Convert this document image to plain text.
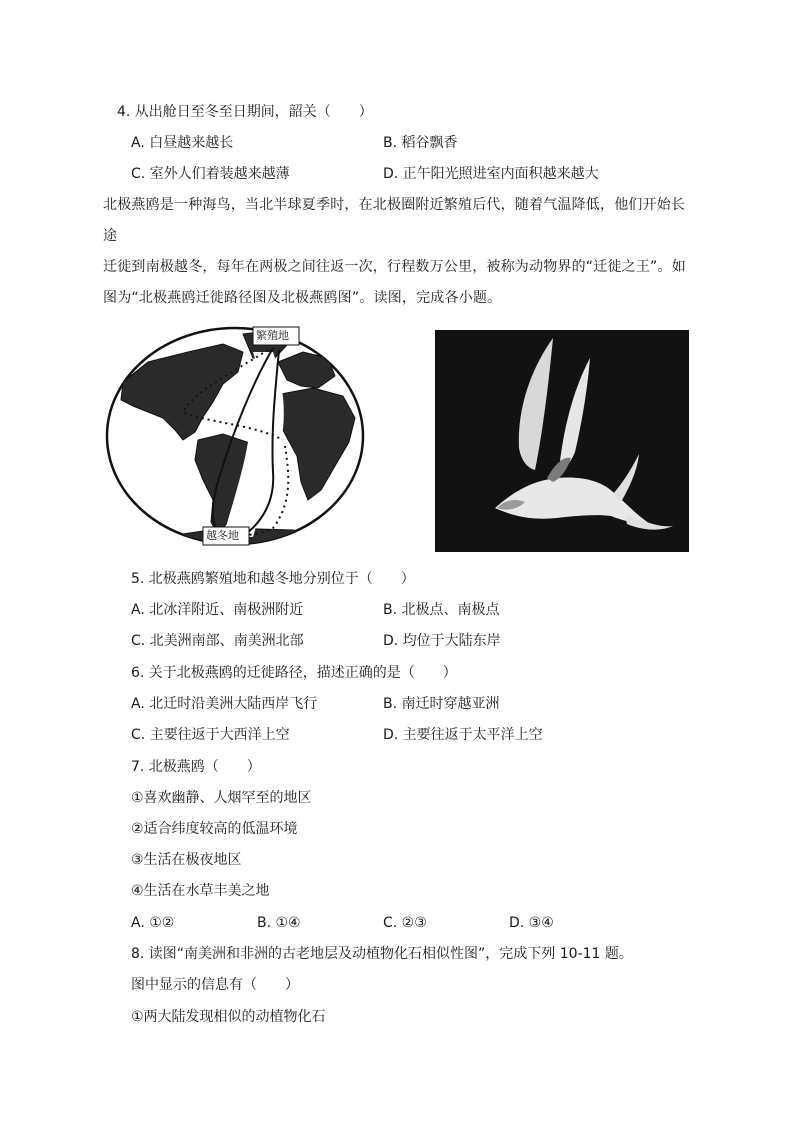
4. 从出舱日至冬至日期间，韶关（　　）
A. 白昼越来越长	B. 稻谷飘香
C. 室外人们着装越来越薄	D. 正午阳光照进室内面积越来越大
北极燕鸥是一种海鸟，当北半球夏季时，在北极圈附近繁殖后代，随着气温降低，他们开始长途
迁徙到南极越冬，每年在两极之间往返一次，行程数万公里，被称为动物界的“迁徙之王”。如
图为“北极燕鸥迁徙路径图及北极燕鸥图”。读图，完成各小题。
繁殖地
越冬地
5. 北极燕鸥繁殖地和越冬地分别位于（　　）
A. 北冰洋附近、南极洲附近	B. 北极点、南极点
C. 北美洲南部、南美洲北部	D. 均位于大陆东岸
6. 关于北极燕鸥的迁徙路径，描述正确的是（　　）
A. 北迁时沿美洲大陆西岸飞行	B. 南迁时穿越亚洲
C. 主要往返于大西洋上空	D. 主要往返于太平洋上空
7. 北极燕鸥（　　）
①喜欢幽静、人烟罕至的地区
②适合纬度较高的低温环境
③生活在极夜地区
④生活在水草丰美之地
A. ①②	B. ①④	C. ②③	D. ③④
8. 读图“南美洲和非洲的古老地层及动植物化石相似性图”，完成下列 10-11 题。
图中显示的信息有（　　）
①两大陆发现相似的动植物化石
